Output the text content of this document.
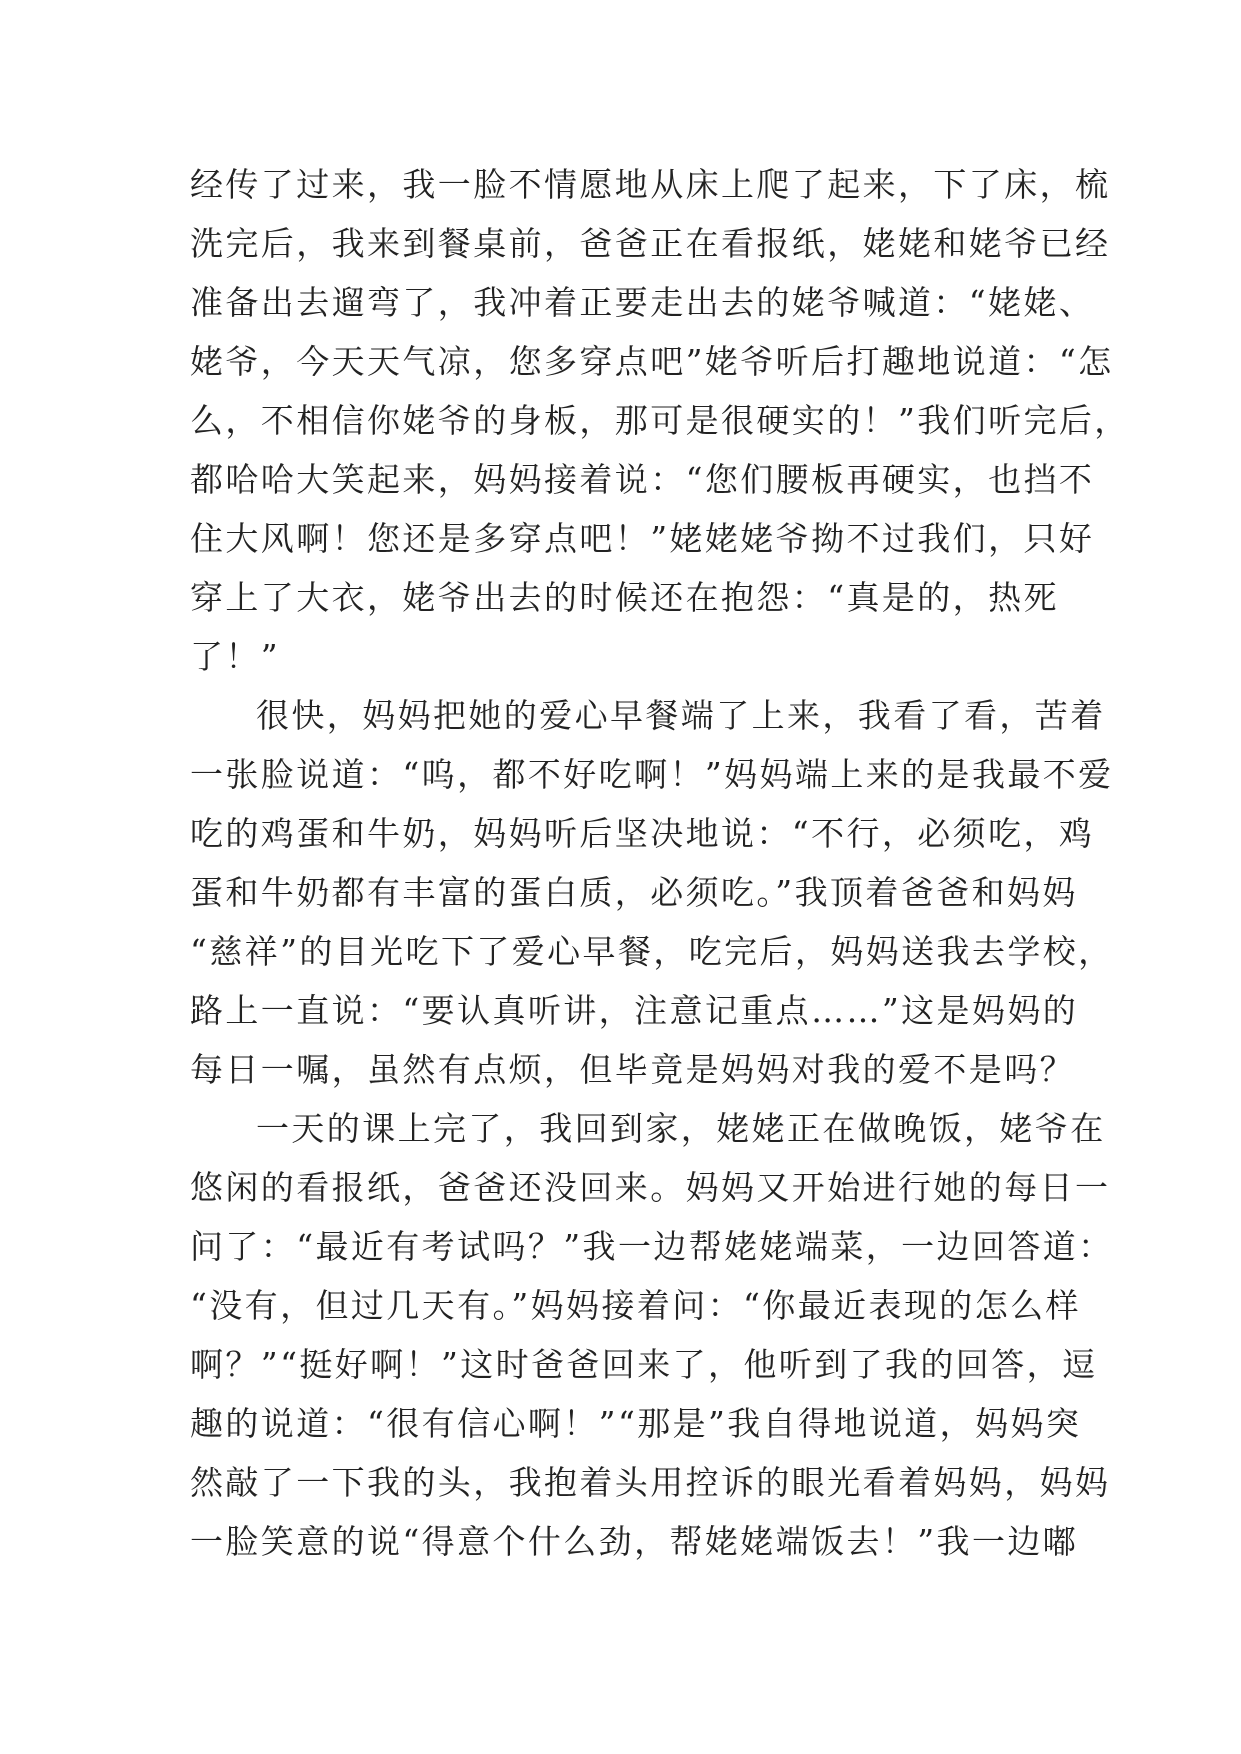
经传了过来，我一脸不情愿地从床上爬了起来，下了床，梳
洗完后，我来到餐桌前，爸爸正在看报纸，姥姥和姥爷已经
准备出去遛弯了，我冲着正要走出去的姥爷喊道：“姥姥、
姥爷，今天天气凉，您多穿点吧”姥爷听后打趣地说道：“怎
么，不相信你姥爷的身板，那可是很硬实的！”我们听完后，
都哈哈大笑起来，妈妈接着说：“您们腰板再硬实，也挡不
住大风啊！您还是多穿点吧！”姥姥姥爷拗不过我们，只好
穿上了大衣，姥爷出去的时候还在抱怨：“真是的，热死
了！”
很快，妈妈把她的爱心早餐端了上来，我看了看，苦着
一张脸说道：“呜，都不好吃啊！”妈妈端上来的是我最不爱
吃的鸡蛋和牛奶，妈妈听后坚决地说：“不行，必须吃，鸡
蛋和牛奶都有丰富的蛋白质，必须吃。”我顶着爸爸和妈妈
“慈祥”的目光吃下了爱心早餐，吃完后，妈妈送我去学校，
路上一直说：“要认真听讲，注意记重点……”这是妈妈的
每日一嘱，虽然有点烦，但毕竟是妈妈对我的爱不是吗？
一天的课上完了，我回到家，姥姥正在做晚饭，姥爷在
悠闲的看报纸，爸爸还没回来。妈妈又开始进行她的每日一
问了：“最近有考试吗？”我一边帮姥姥端菜，一边回答道：
“没有，但过几天有。”妈妈接着问：“你最近表现的怎么样
啊？”“挺好啊！”这时爸爸回来了，他听到了我的回答，逗
趣的说道：“很有信心啊！”“那是”我自得地说道，妈妈突
然敲了一下我的头，我抱着头用控诉的眼光看着妈妈，妈妈
一脸笑意的说“得意个什么劲，帮姥姥端饭去！”我一边嘟
